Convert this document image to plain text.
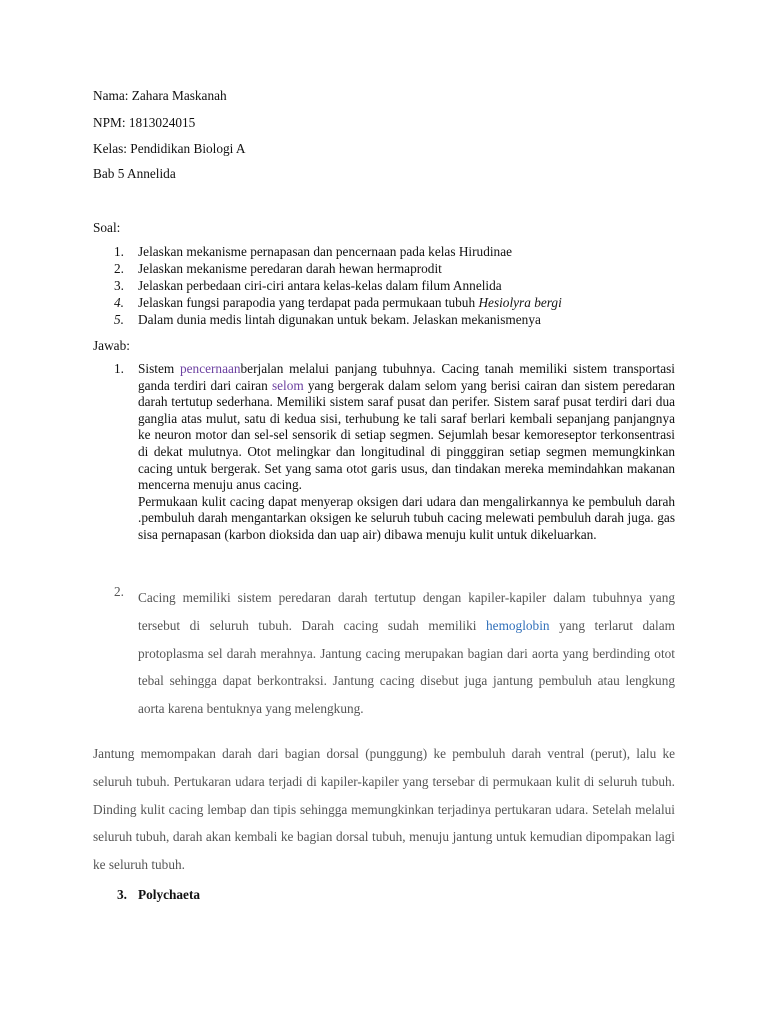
Nama: Zahara Maskanah
NPM: 1813024015
Kelas: Pendidikan Biologi A
Bab 5 Annelida
Soal:
1. Jelaskan mekanisme pernapasan dan pencernaan pada kelas Hirudinae
2. Jelaskan mekanisme peredaran darah hewan hermaprodit
3. Jelaskan perbedaan ciri-ciri antara kelas-kelas dalam filum Annelida
4. Jelaskan fungsi parapodia yang terdapat pada permukaan tubuh Hesiolyra bergi
5. Dalam dunia medis lintah digunakan untuk bekam. Jelaskan mekanismenya
Jawab:
1. Sistem pencernaanberjalan melalui panjang tubuhnya. Cacing tanah memiliki sistem transportasi ganda terdiri dari cairan selom yang bergerak dalam selom yang berisi cairan dan sistem peredaran darah tertutup sederhana. Memiliki sistem saraf pusat dan perifer. Sistem saraf pusat terdiri dari dua ganglia atas mulut, satu di kedua sisi, terhubung ke tali saraf berlari kembali sepanjang panjangnya ke neuron motor dan sel-sel sensorik di setiap segmen. Sejumlah besar kemoreseptor terkonsentrasi di dekat mulutnya. Otot melingkar dan longitudinal di pingggiran setiap segmen memungkinkan cacing untuk bergerak. Set yang sama otot garis usus, dan tindakan mereka memindahkan makanan mencerna menuju anus cacing.

Permukaan kulit cacing dapat menyerap oksigen dari udara dan mengalirkannya ke pembuluh darah .pembuluh darah mengantarkan oksigen ke seluruh tubuh cacing melewati pembuluh darah juga. gas sisa pernapasan (karbon dioksida dan uap air) dibawa menuju kulit untuk dikeluarkan.

2. Cacing memiliki sistem peredaran darah tertutup dengan kapiler-kapiler dalam tubuhnya yang tersebut di seluruh tubuh. Darah cacing sudah memiliki hemoglobin yang terlarut dalam protoplasma sel darah merahnya. Jantung cacing merupakan bagian dari aorta yang berdinding otot tebal sehingga dapat berkontraksi. Jantung cacing disebut juga jantung pembuluh atau lengkung aorta karena bentuknya yang melengkung.
Jantung memompakan darah dari bagian dorsal (punggung) ke pembuluh darah ventral (perut), lalu ke seluruh tubuh. Pertukaran udara terjadi di kapiler-kapiler yang tersebar di permukaan kulit di seluruh tubuh. Dinding kulit cacing lembap dan tipis sehingga memungkinkan terjadinya pertukaran udara. Setelah melalui seluruh tubuh, darah akan kembali ke bagian dorsal tubuh, menuju jantung untuk kemudian dipompakan lagi ke seluruh tubuh.
3. Polychaeta
